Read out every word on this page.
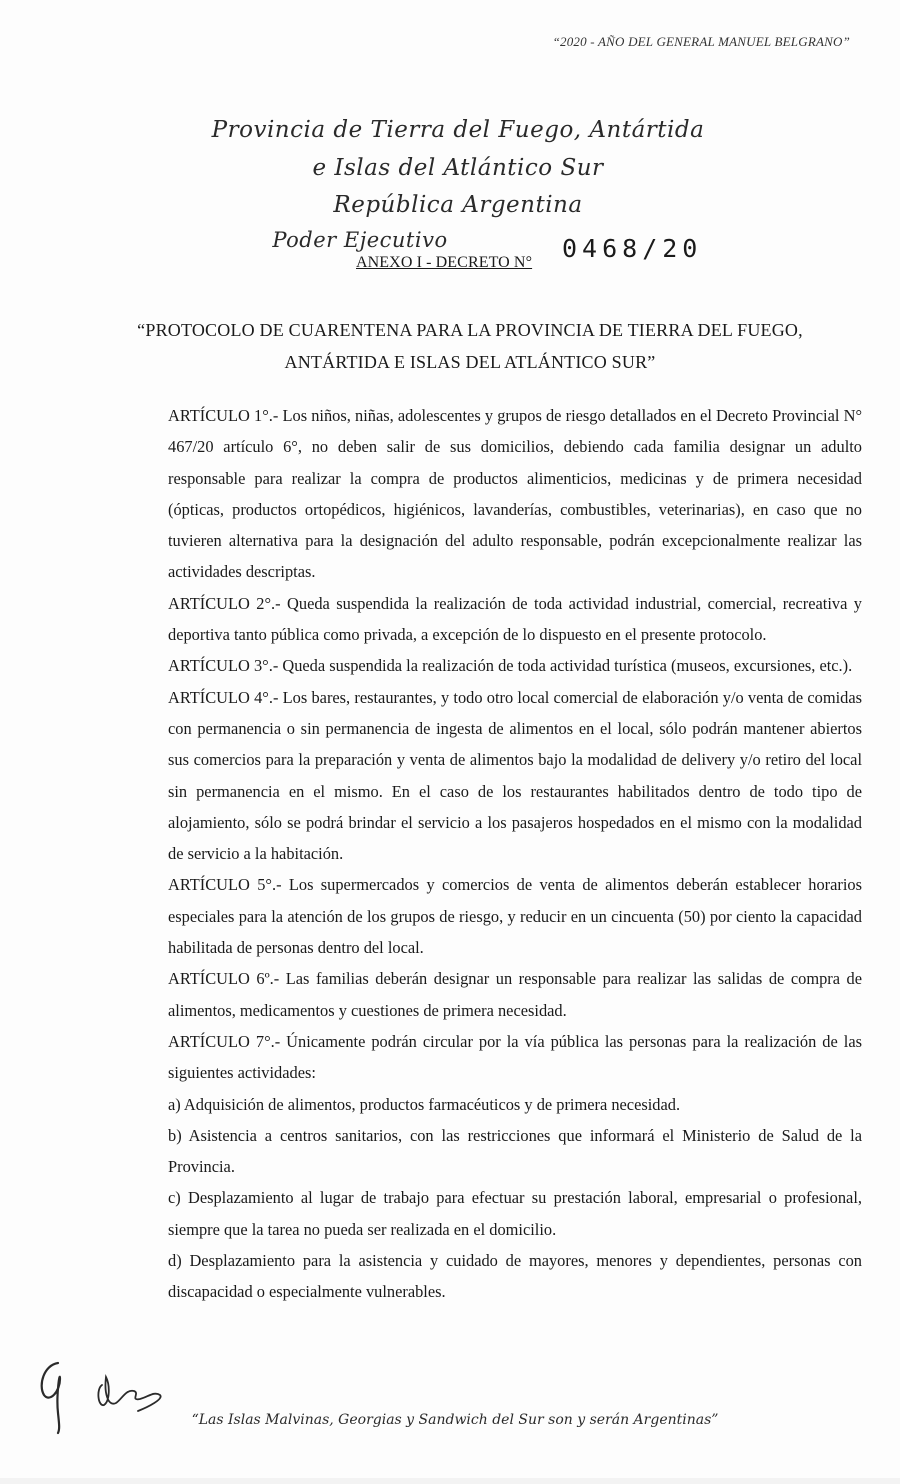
“2020 - AÑO DEL GENERAL MANUEL BELGRANO”
Provincia de Tierra del Fuego, Antártida
e Islas del Atlántico Sur
República Argentina
Poder Ejecutivo
ANEXO I - DECRETO N° 0468/20
“PROTOCOLO DE CUARENTENA PARA LA PROVINCIA DE TIERRA DEL FUEGO,
ANTÁRTIDA E ISLAS DEL ATLÁNTICO SUR”

ARTÍCULO 1°.- Los niños, niñas, adolescentes y grupos de riesgo detallados en el Decreto Provincial N° 467/20 artículo 6°, no deben salir de sus domicilios, debiendo cada familia designar un adulto responsable para realizar la compra de productos alimenticios, medicinas y de primera necesidad (ópticas, productos ortopédicos, higiénicos, lavanderías, combustibles, veterinarias), en caso que no tuvieren alternativa para la designación del adulto responsable, podrán excepcionalmente realizar las actividades descriptas.

ARTÍCULO 2°.- Queda suspendida la realización de toda actividad industrial, comercial, recreativa y deportiva tanto pública como privada, a excepción de lo dispuesto en el presente protocolo.

ARTÍCULO 3°.- Queda suspendida la realización de toda actividad turística (museos, excursiones, etc.).

ARTÍCULO 4°.- Los bares, restaurantes, y todo otro local comercial de elaboración y/o venta de comidas con permanencia o sin permanencia de ingesta de alimentos en el local, sólo podrán mantener abiertos sus comercios para la preparación y venta de alimentos bajo la modalidad de delivery y/o retiro del local sin permanencia en el mismo. En el caso de los restaurantes habilitados dentro de todo tipo de alojamiento, sólo se podrá brindar el servicio a los pasajeros hospedados en el mismo con la modalidad de servicio a la habitación.

ARTÍCULO 5°.- Los supermercados y comercios de venta de alimentos deberán establecer horarios especiales para la atención de los grupos de riesgo, y reducir en un cincuenta (50) por ciento la capacidad habilitada de personas dentro del local.

ARTÍCULO 6º.- Las familias deberán designar un responsable para realizar las salidas de compra de alimentos, medicamentos y cuestiones de primera necesidad.

ARTÍCULO 7°.- Únicamente podrán circular por la vía pública las personas para la realización de las siguientes actividades:

a) Adquisición de alimentos, productos farmacéuticos y de primera necesidad.

b) Asistencia a centros sanitarios, con las restricciones que informará el Ministerio de Salud de la Provincia.

c) Desplazamiento al lugar de trabajo para efectuar su prestación laboral, empresarial o profesional, siempre que la tarea no pueda ser realizada en el domicilio.

d) Desplazamiento para la asistencia y cuidado de mayores, menores y dependientes, personas con discapacidad o especialmente vulnerables.

“Las Islas Malvinas, Georgias y Sandwich del Sur son y serán Argentinas”
